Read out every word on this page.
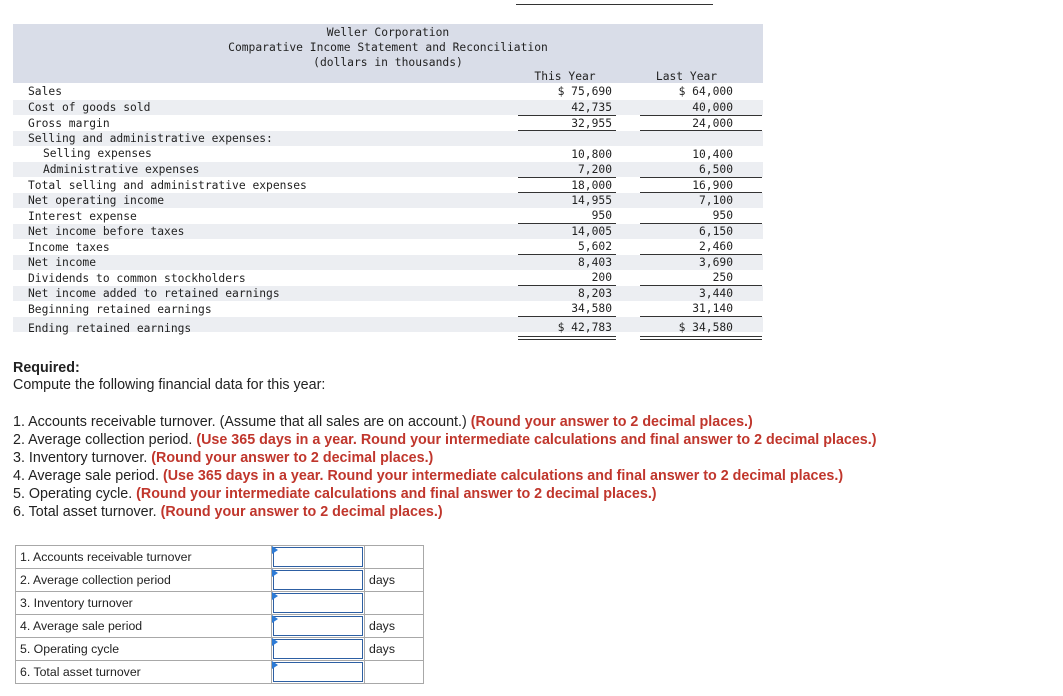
Weller Corporation
Comparative Income Statement and Reconciliation
(dollars in thousands)
This Year	Last Year
Sales	$ 75,690	$ 64,000
Cost of goods sold	42,735	40,000
Gross margin	32,955	24,000
Selling and administrative expenses:
Selling expenses	10,800	10,400
Administrative expenses	7,200	6,500
Total selling and administrative expenses	18,000	16,900
Net operating income	14,955	7,100
Interest expense	950	950
Net income before taxes	14,005	6,150
Income taxes	5,602	2,460
Net income	8,403	3,690
Dividends to common stockholders	200	250
Net income added to retained earnings	8,203	3,440
Beginning retained earnings	34,580	31,140
Ending retained earnings	$ 42,783	$ 34,580
Required:
Compute the following financial data for this year:
1. Accounts receivable turnover. (Assume that all sales are on account.) (Round your answer to 2 decimal places.)
2. Average collection period. (Use 365 days in a year. Round your intermediate calculations and final answer to 2 decimal places.)
3. Inventory turnover. (Round your answer to 2 decimal places.)
4. Average sale period. (Use 365 days in a year. Round your intermediate calculations and final answer to 2 decimal places.)
5. Operating cycle. (Round your intermediate calculations and final answer to 2 decimal places.)
6. Total asset turnover. (Round your answer to 2 decimal places.)
1. Accounts receivable turnover	

2. Average collection period		days
3. Inventory turnover	

4. Average sale period		days
5. Operating cycle		days
6. Total asset turnover	
